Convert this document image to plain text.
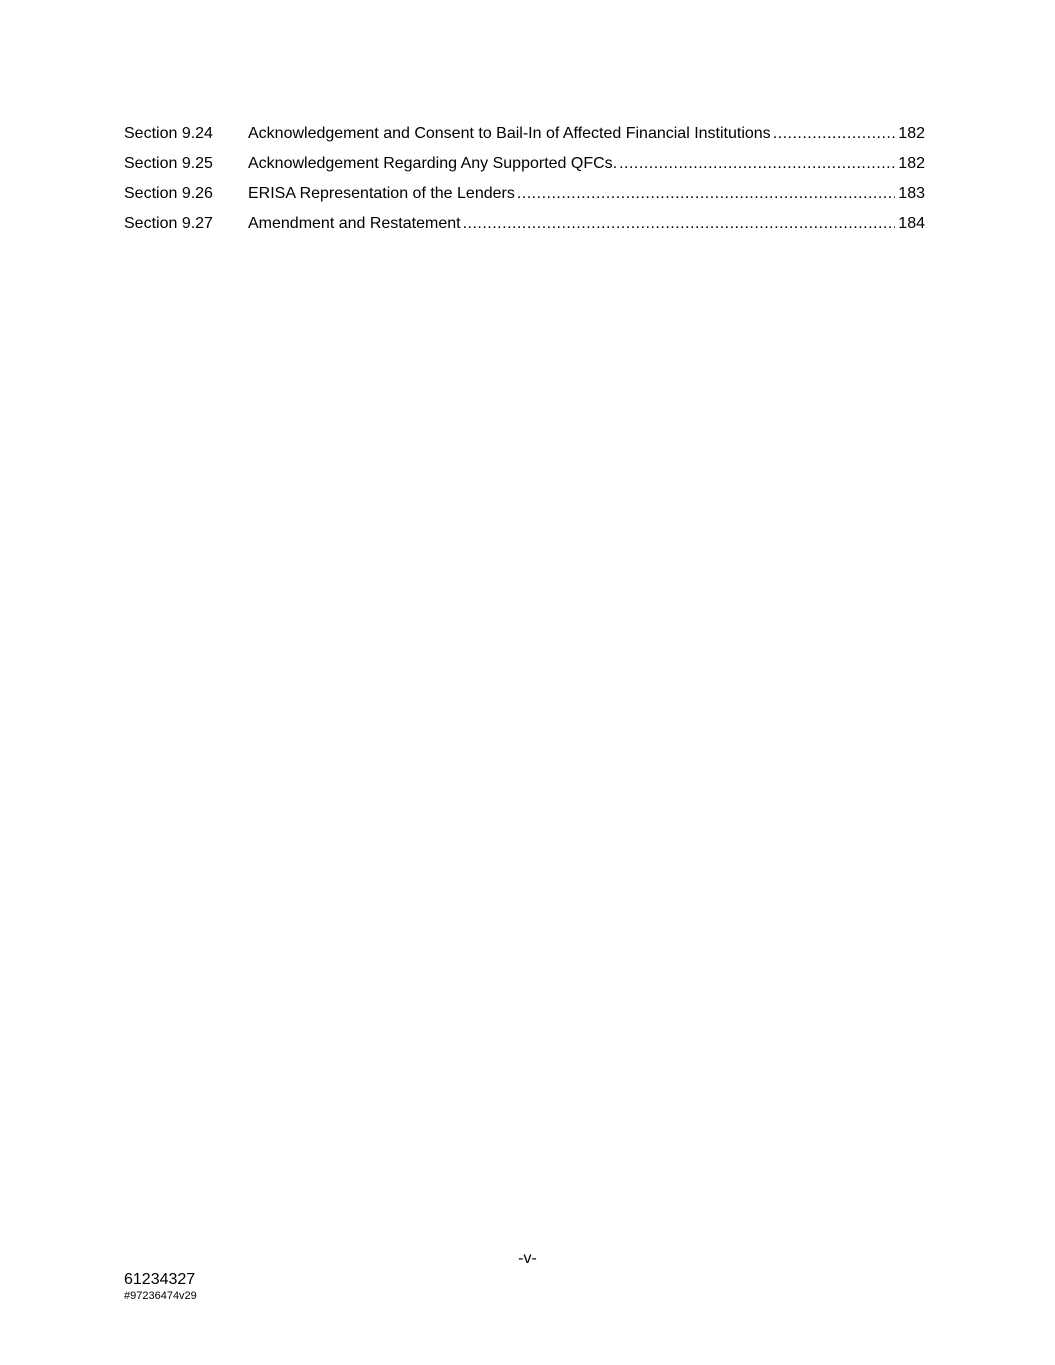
Section 9.24	Acknowledgement and Consent to Bail-In of Affected Financial Institutions .....	182
Section 9.25	Acknowledgement Regarding Any Supported QFCs. .....	182
Section 9.26	ERISA Representation of the Lenders .....	183
Section 9.27	Amendment and Restatement .....	184
-v-
61234327
#97236474v29
